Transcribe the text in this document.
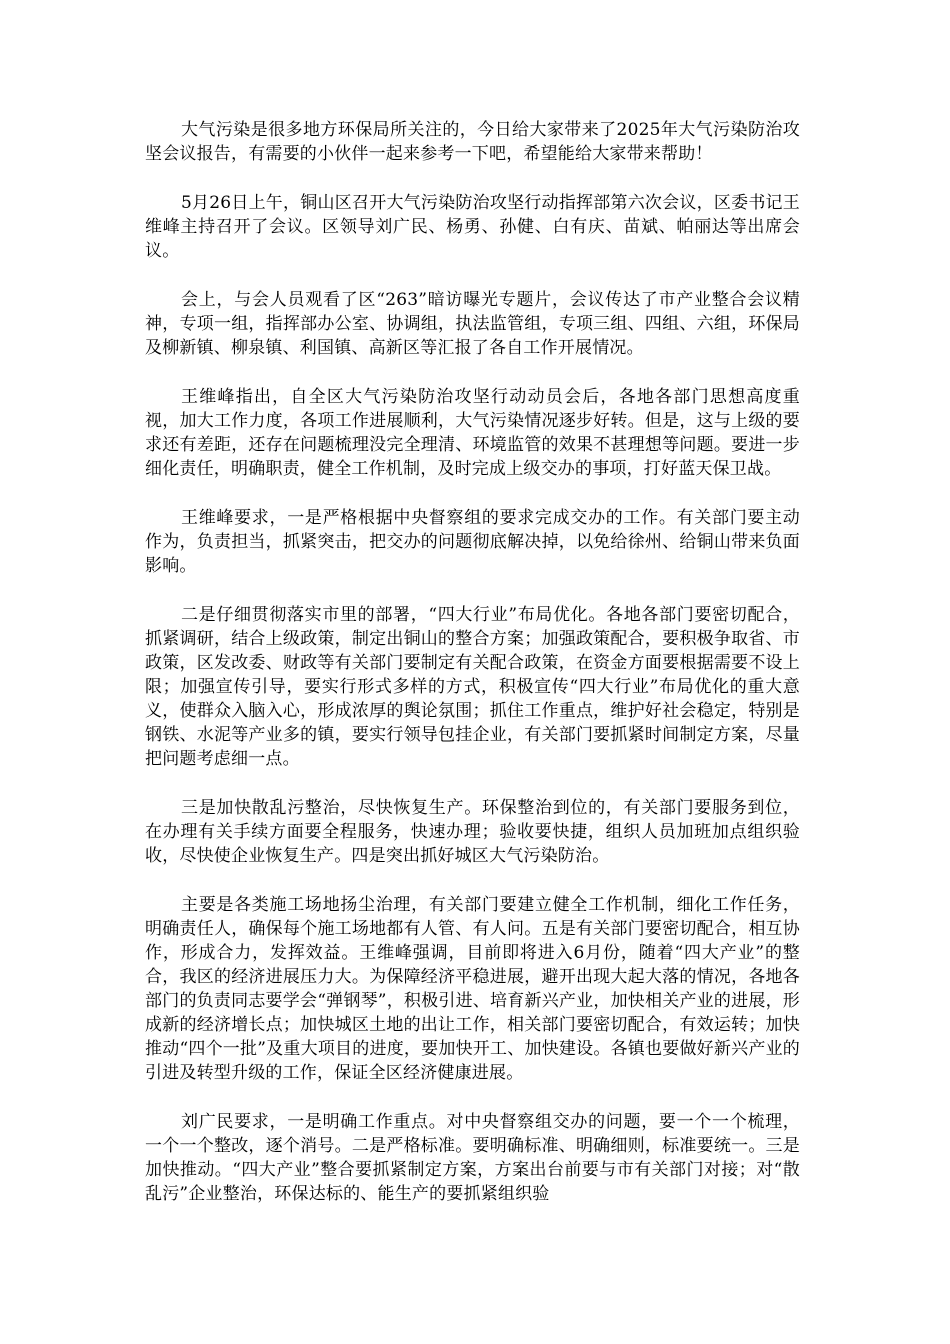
大气污染是很多地方环保局所关注的，今日给大家带来了2025年大气污染防治攻坚会议报告，有需要的小伙伴一起来参考一下吧，希望能给大家带来帮助！

5月26日上午，铜山区召开大气污染防治攻坚行动指挥部第六次会议，区委书记王维峰主持召开了会议。区领导刘广民、杨勇、孙健、白有庆、苗斌、帕丽达等出席会议。

会上，与会人员观看了区“263”暗访曝光专题片，会议传达了市产业整合会议精神，专项一组，指挥部办公室、协调组，执法监管组，专项三组、四组、六组，环保局及柳新镇、柳泉镇、利国镇、高新区等汇报了各自工作开展情况。

王维峰指出，自全区大气污染防治攻坚行动动员会后，各地各部门思想高度重视，加大工作力度，各项工作进展顺利，大气污染情况逐步好转。但是，这与上级的要求还有差距，还存在问题梳理没完全理清、环境监管的效果不甚理想等问题。要进一步细化责任，明确职责，健全工作机制，及时完成上级交办的事项，打好蓝天保卫战。

王维峰要求，一是严格根据中央督察组的要求完成交办的工作。有关部门要主动作为，负责担当，抓紧突击，把交办的问题彻底解决掉，以免给徐州、给铜山带来负面影响。

二是仔细贯彻落实市里的部署，“四大行业”布局优化。各地各部门要密切配合，抓紧调研，结合上级政策，制定出铜山的整合方案；加强政策配合，要积极争取省、市政策，区发改委、财政等有关部门要制定有关配合政策，在资金方面要根据需要不设上限；加强宣传引导，要实行形式多样的方式，积极宣传“四大行业”布局优化的重大意义，使群众入脑入心，形成浓厚的舆论氛围；抓住工作重点，维护好社会稳定，特别是钢铁、水泥等产业多的镇，要实行领导包挂企业，有关部门要抓紧时间制定方案，尽量把问题考虑细一点。

三是加快散乱污整治，尽快恢复生产。环保整治到位的，有关部门要服务到位，在办理有关手续方面要全程服务，快速办理；验收要快捷，组织人员加班加点组织验收，尽快使企业恢复生产。四是突出抓好城区大气污染防治。

主要是各类施工场地扬尘治理，有关部门要建立健全工作机制，细化工作任务，明确责任人，确保每个施工场地都有人管、有人问。五是有关部门要密切配合，相互协作，形成合力，发挥效益。王维峰强调，目前即将进入6月份，随着“四大产业”的整合，我区的经济进展压力大。为保障经济平稳进展，避开出现大起大落的情况，各地各部门的负责同志要学会“弹钢琴”，积极引进、培育新兴产业，加快相关产业的进展，形成新的经济增长点；加快城区土地的出让工作，相关部门要密切配合，有效运转；加快推动“四个一批”及重大项目的进度，要加快开工、加快建设。各镇也要做好新兴产业的引进及转型升级的工作，保证全区经济健康进展。

刘广民要求，一是明确工作重点。对中央督察组交办的问题，要一个一个梳理，一个一个整改，逐个消号。二是严格标准。要明确标准、明确细则，标准要统一。三是加快推动。“四大产业”整合要抓紧制定方案，方案出台前要与市有关部门对接；对“散乱污”企业整治，环保达标的、能生产的要抓紧组织验
